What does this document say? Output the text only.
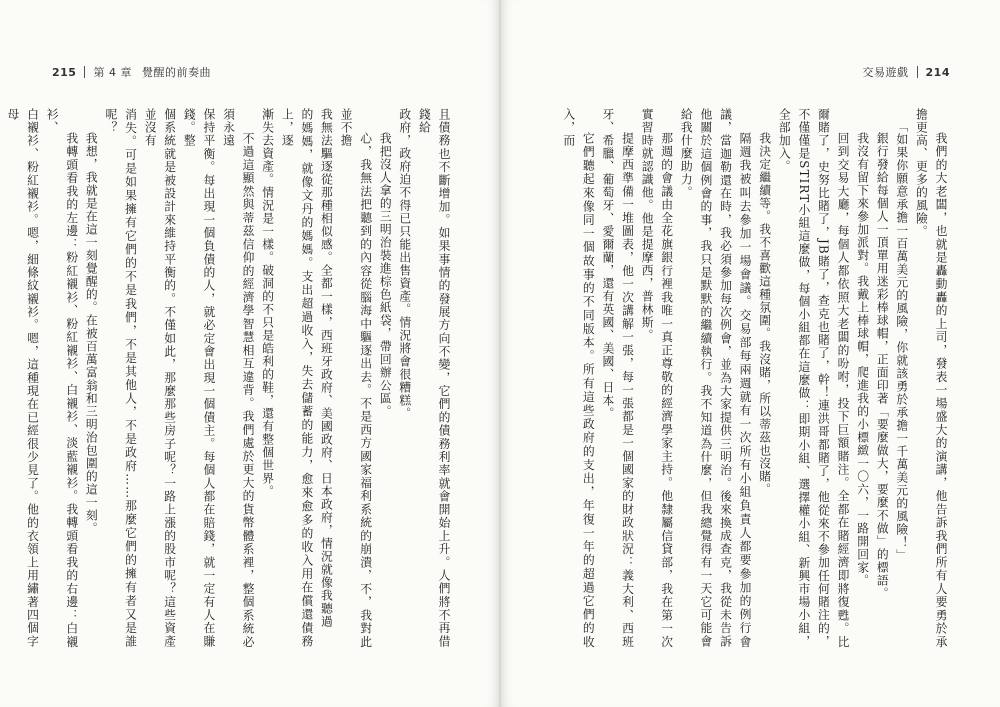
215 第 4 章 覺醒的前奏曲

且債務也不斷增加。如果事情的發展方向不變，它們的債務利率就會開始上升。人們將不再借錢給

政府，政府迫不得已只能出售資產。情況將會很糟糕。

我把沒人拿的三明治裝進棕色紙袋，帶回辦公區。

心，我無法把聽到的內容從腦海中驅逐出去。不是西方國家福利系統的崩潰，不，我對此並不擔

我無法驅逐從那種相似感。全都一樣，西班牙政府、美國政府、日本政府，情況就像我聽過

的媽媽，就像文丹的媽媽。支出超過收入，失去儲蓄的能力，愈來愈多的收入用在償還債務上，逐

漸失去資產。情況是一樣。破洞的不只是皓利的鞋，還有整個世界。

不過這顯然與蒂茲信仰的經濟學智慧相互違背。我們處於更大的貨幣體系裡，整個系統必須永遠

保持平衡。每出現一個負債的人，就必定會出現一個債主。每個人都在賠錢，就一定有人在賺錢。整

個系統就是被設計來維持平衡的。不僅如此，那麼那些房子呢？一路上漲的股市呢？這些資產並沒有

消失。可是如果擁有它們的不是我們，不是其他人，不是政府……那麼它們的擁有者又是誰呢？

我想，我就是在這一刻覺醒的。在被百萬富翁和三明治包圍的這一刻。

我轉頭看我的左邊：粉紅襯衫、粉紅襯衫、白襯衫、淡藍襯衫。我轉頭看我的右邊：白襯衫、

白襯衫、粉紅襯衫。嗯，細條紋襯衫。嗯，這種現在已經很少見了。他的衣領上用繡著四個字母

交易遊戲 214

我們的大老闆，也就是轟動轟的上司，發表一場盛大的演講，他告訴我們所有人要勇於承擔更高、更多的風險。

「如果你願意承擔一百萬美元的風險，你就該勇於承擔一千萬美元的風險！」

銀行發給每個人一頂單用迷彩棒球帽，正面印著「要麼做大，要麼不做」的標語。

我沒有留下來參加派對。我戴上棒球帽，爬進我的小標緻一〇六，一路開回家。

回到交易大廳，每個人都依照大老闆的吩咐，投下巨額賭注。全都在賭經濟即將復甦。比爾賭了，史努比賭了，JB賭了，查克也賭了，幹！連洪哥都賭了，他從來不參加任何賭注的，不僅僅是STIRT小組這麼做，每個小組都在這麼做：即期小組、選擇權小組、新興市場小組，全部加入。

我決定繼續等。我不喜歡這種氛圍。我沒賭，所以蒂茲也沒賭。

隔週我被叫去參加一場會議。交易部每兩週就有一次所有小組負責人都要參加的例行會議，當迦勒還在時，我必須參加每次例會，並為大家提供三明治。後來換成查克，我從未告訴他關於這個例會的事，我只是默默的繼續執行。我不知道為什麼，但我總覺得有一天它可能會給我什麼助力。

那週的會議由全花旗銀行裡我唯一真正尊敬的經濟學家主持。他隸屬信貸部，我在第一次實習時就認識他。他是提摩西，普林斯。

提摩西準備一堆圖表，他一次講解一張，每一張都是一個國家的財政狀況：義大利、西班牙、希臘、葡萄牙、愛爾蘭，還有英國、美國、日本。

它們聽起來像同一個故事的不同版本。所有這些政府的支出，年復一年的超過它們的收入，而
